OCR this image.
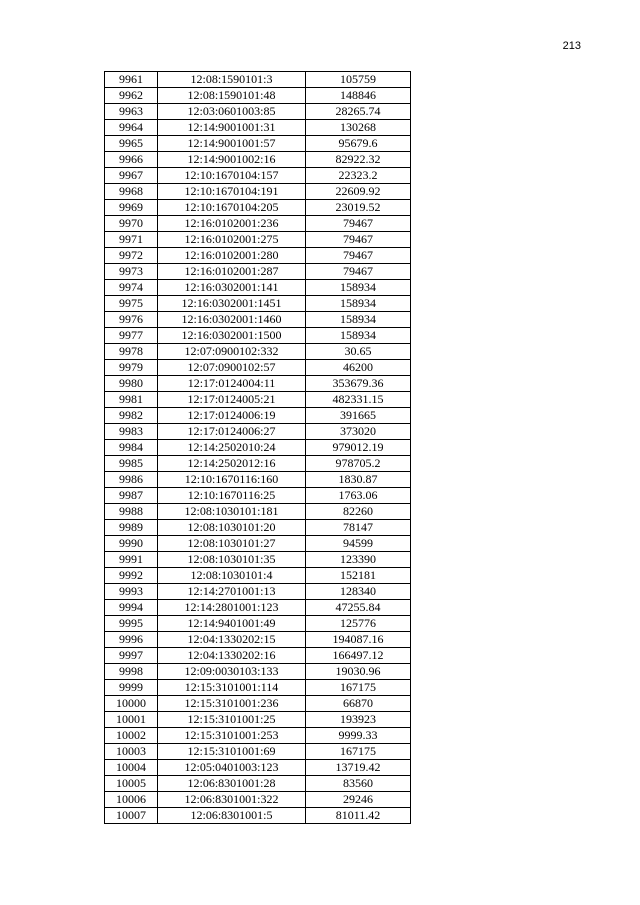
213
9961	12:08:1590101:3	105759
9962	12:08:1590101:48	148846
9963	12:03:0601003:85	28265.74
9964	12:14:9001001:31	130268
9965	12:14:9001001:57	95679.6
9966	12:14:9001002:16	82922.32
9967	12:10:1670104:157	22323.2
9968	12:10:1670104:191	22609.92
9969	12:10:1670104:205	23019.52
9970	12:16:0102001:236	79467
9971	12:16:0102001:275	79467
9972	12:16:0102001:280	79467
9973	12:16:0102001:287	79467
9974	12:16:0302001:141	158934
9975	12:16:0302001:1451	158934
9976	12:16:0302001:1460	158934
9977	12:16:0302001:1500	158934
9978	12:07:0900102:332	30.65
9979	12:07:0900102:57	46200
9980	12:17:0124004:11	353679.36
9981	12:17:0124005:21	482331.15
9982	12:17:0124006:19	391665
9983	12:17:0124006:27	373020
9984	12:14:2502010:24	979012.19
9985	12:14:2502012:16	978705.2
9986	12:10:1670116:160	1830.87
9987	12:10:1670116:25	1763.06
9988	12:08:1030101:181	82260
9989	12:08:1030101:20	78147
9990	12:08:1030101:27	94599
9991	12:08:1030101:35	123390
9992	12:08:1030101:4	152181
9993	12:14:2701001:13	128340
9994	12:14:2801001:123	47255.84
9995	12:14:9401001:49	125776
9996	12:04:1330202:15	194087.16
9997	12:04:1330202:16	166497.12
9998	12:09:0030103:133	19030.96
9999	12:15:3101001:114	167175
10000	12:15:3101001:236	66870
10001	12:15:3101001:25	193923
10002	12:15:3101001:253	9999.33
10003	12:15:3101001:69	167175
10004	12:05:0401003:123	13719.42
10005	12:06:8301001:28	83560
10006	12:06:8301001:322	29246
10007	12:06:8301001:5	81011.42
